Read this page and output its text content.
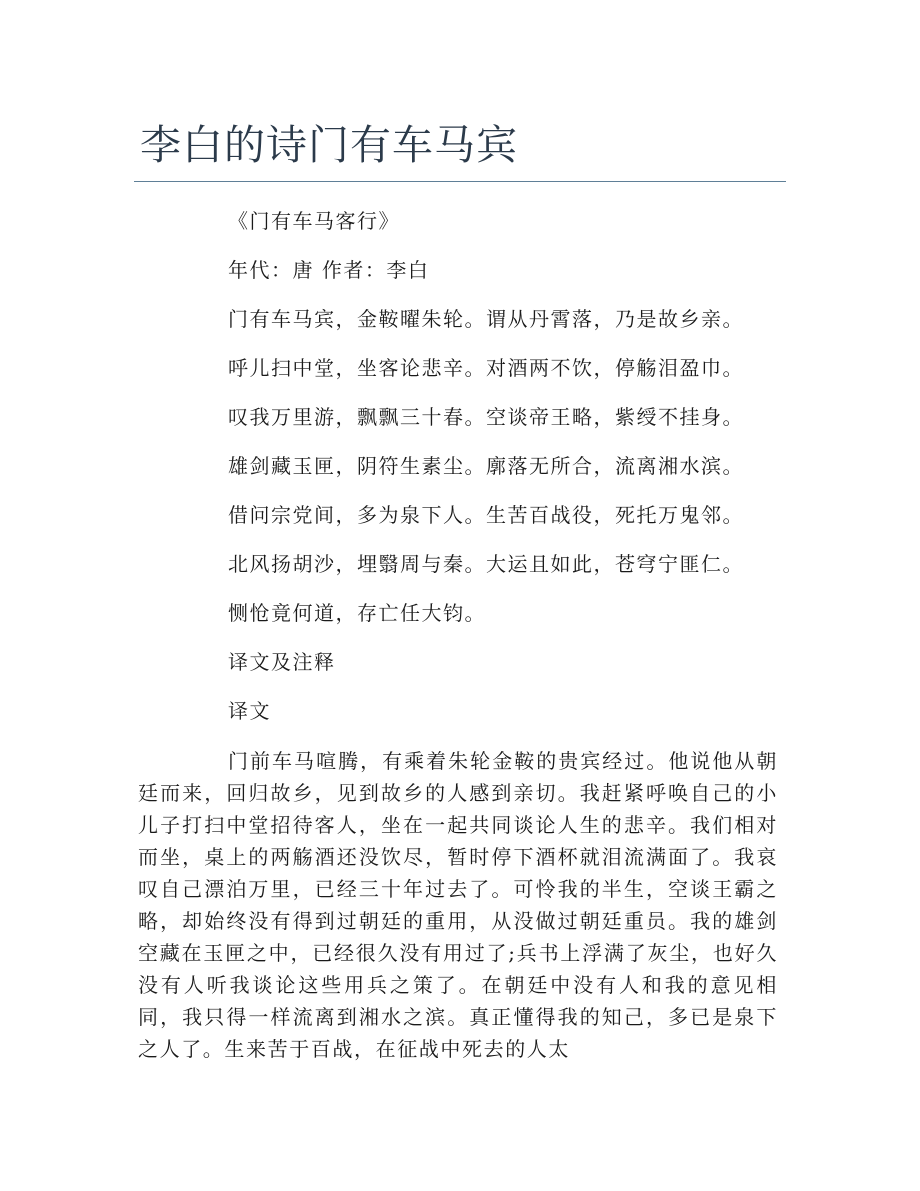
李白的诗门有车马宾
《门有车马客行》
年代：唐 作者：李白
门有车马宾，金鞍曜朱轮。谓从丹霄落，乃是故乡亲。
呼儿扫中堂，坐客论悲辛。对酒两不饮，停觞泪盈巾。
叹我万里游，飘飘三十春。空谈帝王略，紫绶不挂身。
雄剑藏玉匣，阴符生素尘。廓落无所合，流离湘水滨。
借问宗党间，多为泉下人。生苦百战役，死托万鬼邻。
北风扬胡沙，埋翳周与秦。大运且如此，苍穹宁匪仁。
恻怆竟何道，存亡任大钧。
译文及注释
译文

门前车马喧腾，有乘着朱轮金鞍的贵宾经过。他说他从朝廷而来，回归故乡，见到故乡的人感到亲切。我赶紧呼唤自己的小儿子打扫中堂招待客人，坐在一起共同谈论人生的悲辛。我们相对而坐，桌上的两觞酒还没饮尽，暂时停下酒杯就泪流满面了。我哀叹自己漂泊万里，已经三十年过去了。可怜我的半生，空谈王霸之略，却始终没有得到过朝廷的重用，从没做过朝廷重员。我的雄剑空藏在玉匣之中，已经很久没有用过了;兵书上浮满了灰尘，也好久没有人听我谈论这些用兵之策了。在朝廷中没有人和我的意见相同，我只得一样流离到湘水之滨。真正懂得我的知己，多已是泉下之人了。生来苦于百战，在征战中死去的人太
